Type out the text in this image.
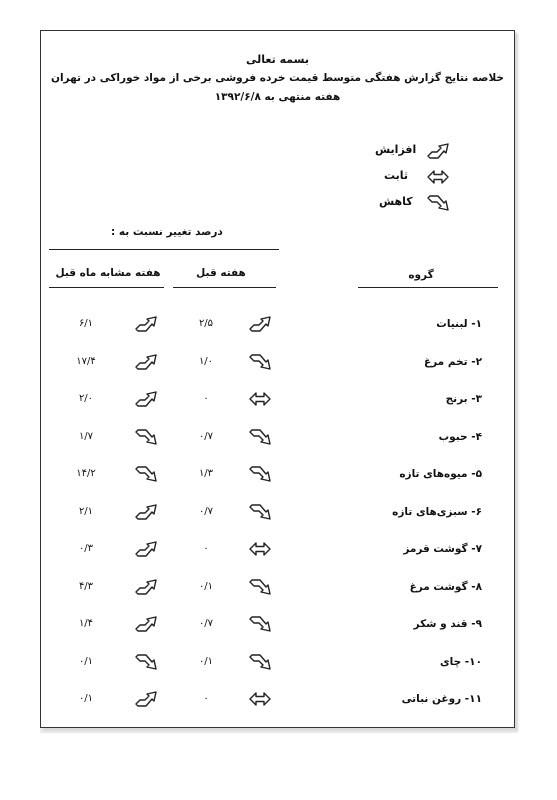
بسمه تعالی
خلاصه نتایج گزارش هفتگی متوسط قیمت خرده فروشی برخی از مواد خوراکی در تهران
هفته منتهی به ۱۳۹۲/۶/۸
افزایش
ثابت
کاهش
درصد تغییر نسبت به :
هفته قبل
هفته مشابه ماه قبل	گروه
۱- لبنیات
۲/۵
۶/۱
۲- تخم مرغ
۱/۰
۱۷/۴
۳- برنج
۰
۲/۰
۴- حبوب
۰/۷
۱/۷
۵- میوه‌های تازه
۱/۳
۱۴/۲
۶- سبزی‌های تازه
۰/۷
۲/۱
۷- گوشت قرمز
۰
۰/۳
۸- گوشت مرغ
۰/۱
۴/۳
۹- قند و شکر
۰/۷
۱/۴
۱۰- چای
۰/۱
۰/۱
۱۱- روغن نباتی
۰
۰/۱
